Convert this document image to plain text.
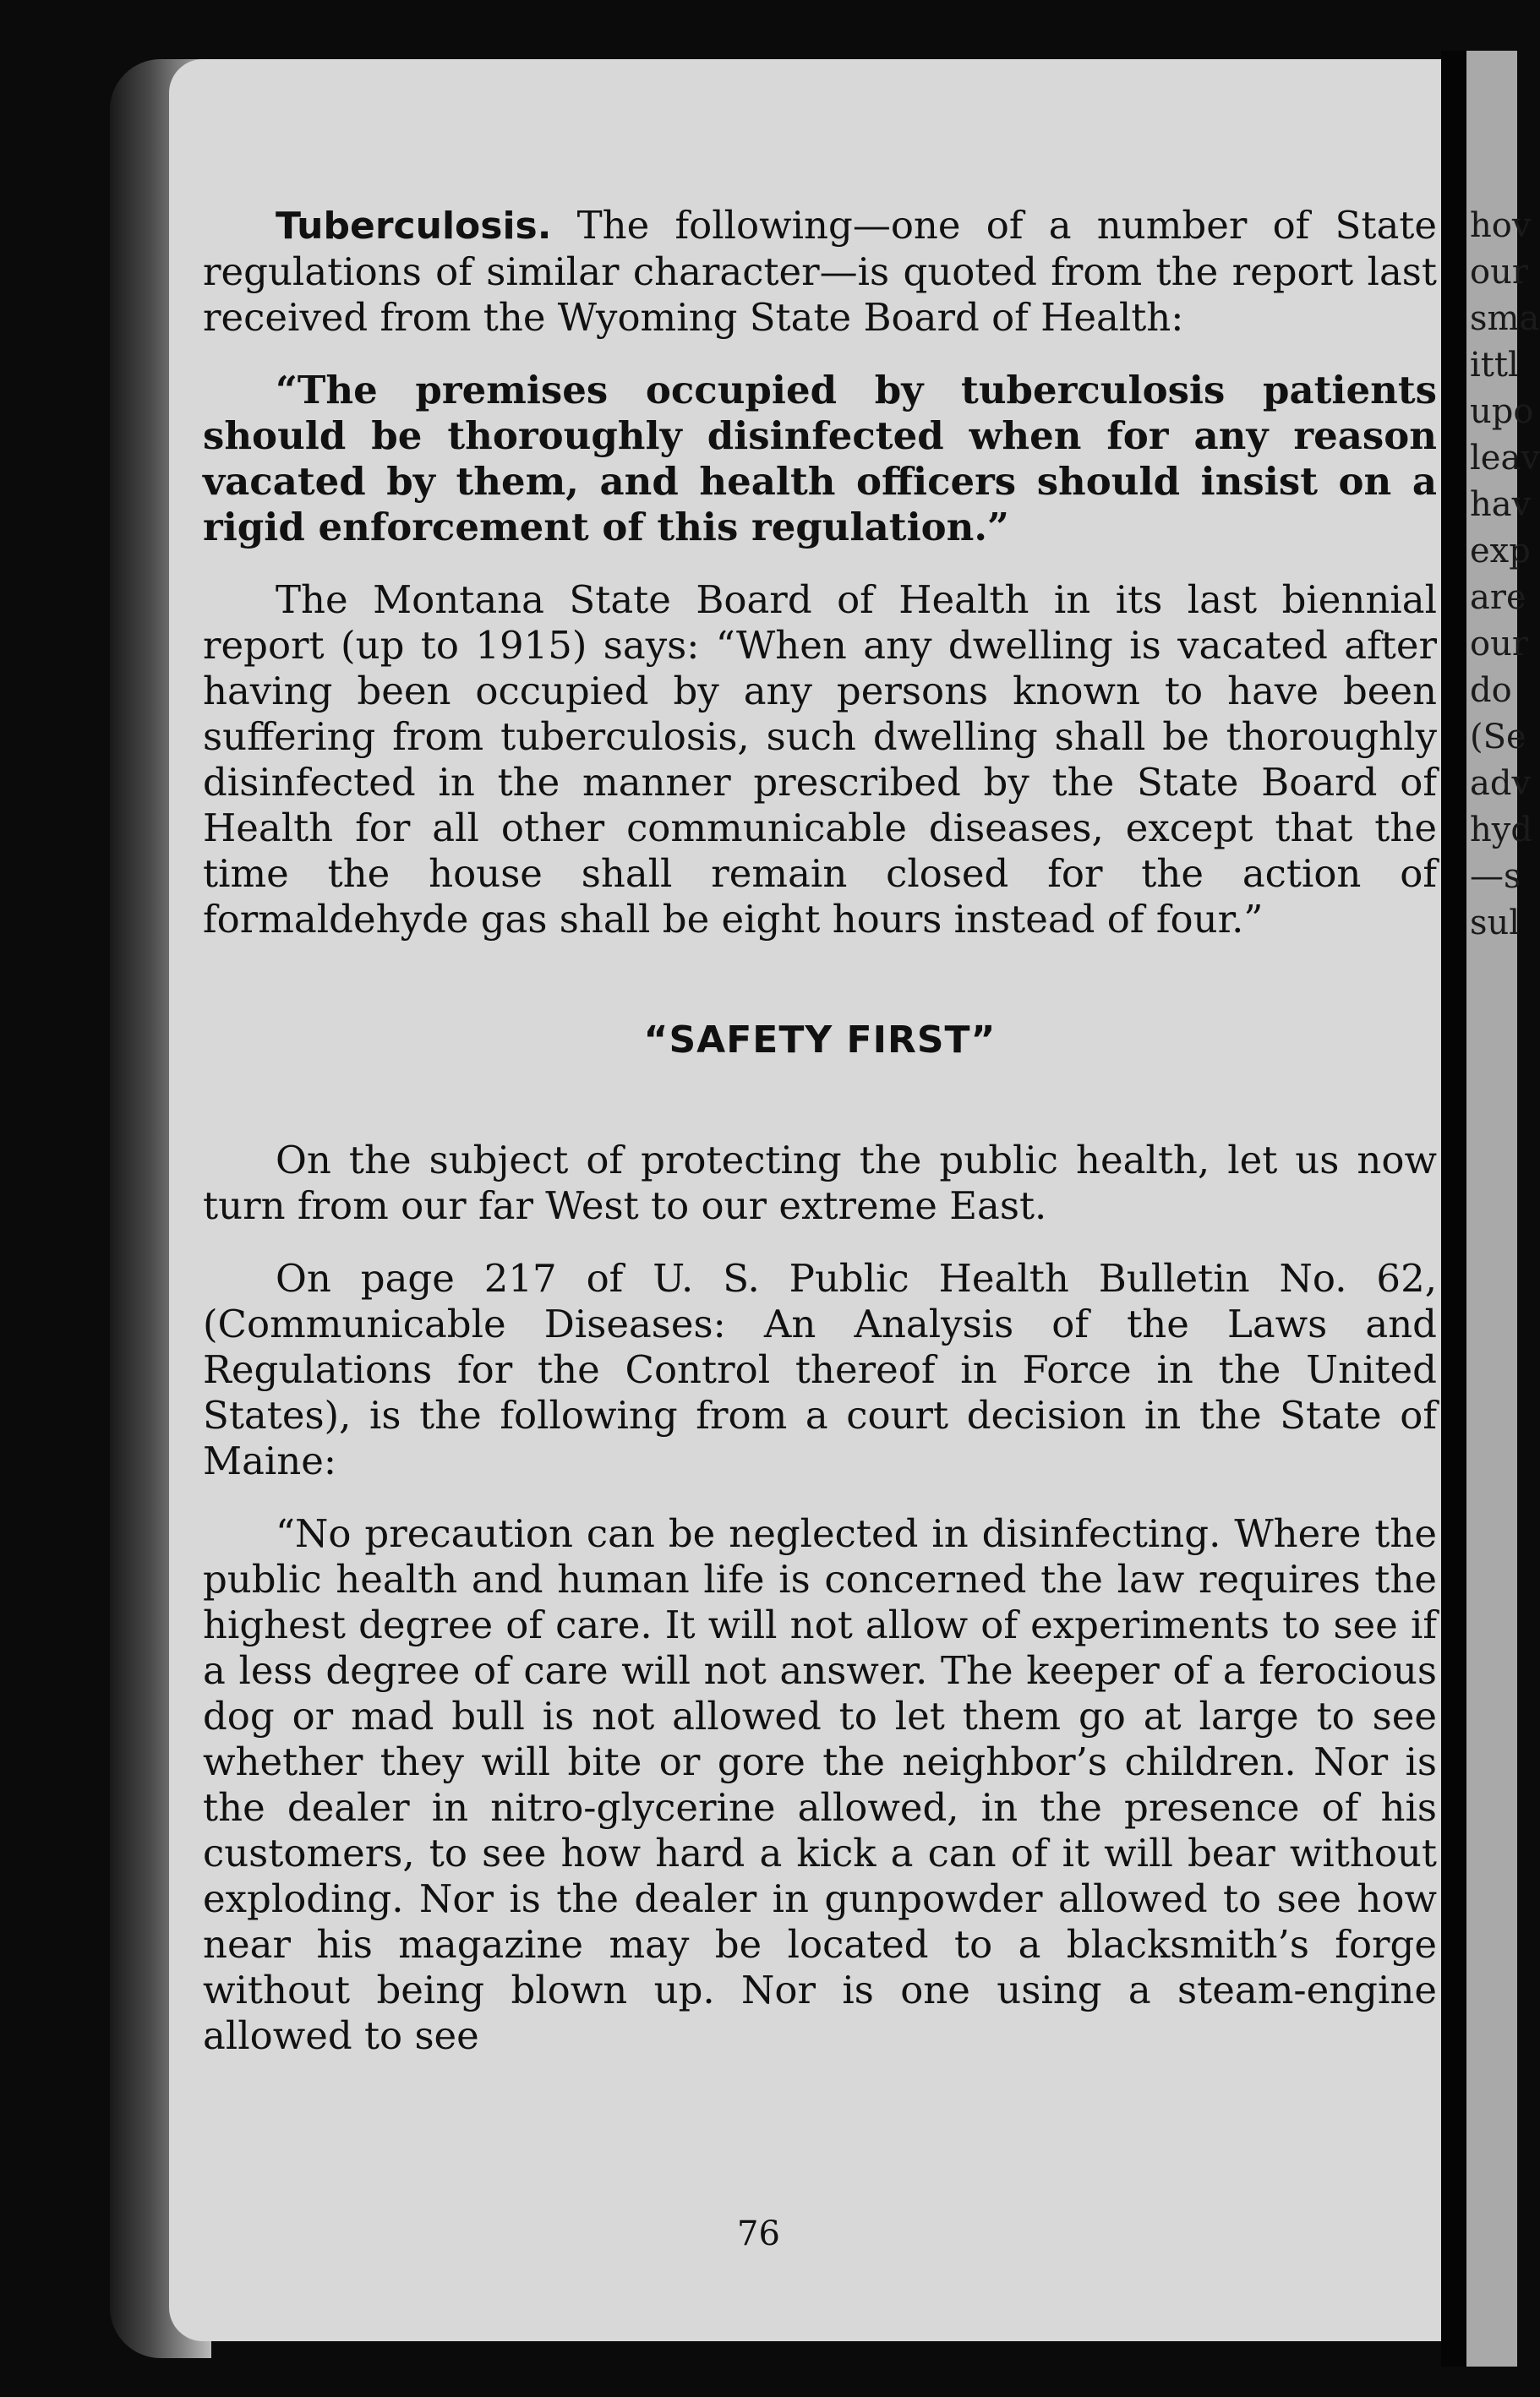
Tuberculosis. The following—one of a number of State regulations of similar character—is quoted from the report last received from the Wyoming State Board of Health:

“The premises occupied by tuberculosis patients should be thoroughly disinfected when for any reason vacated by them, and health officers should insist on a rigid enforcement of this regulation.”

The Montana State Board of Health in its last biennial report (up to 1915) says: “When any dwelling is vacated after having been occupied by any persons known to have been suffering from tuberculosis, such dwelling shall be thoroughly disinfected in the manner prescribed by the State Board of Health for all other communicable diseases, except that the time the house shall remain closed for the action of formaldehyde gas shall be eight hours instead of four.”

“SAFETY FIRST”

On the subject of protecting the public health, let us now turn from our far West to our extreme East.

On page 217 of U. S. Public Health Bulletin No. 62, (Communicable Diseases: An Analysis of the Laws and Regulations for the Control thereof in Force in the United States), is the following from a court decision in the State of Maine:

“No precaution can be neglected in disinfecting. Where the public health and human life is concerned the law requires the highest degree of care. It will not allow of experiments to see if a less degree of care will not answer. The keeper of a ferocious dog or mad bull is not allowed to let them go at large to see whether they will bite or gore the neighbor’s children. Nor is the dealer in nitro-glycerine allowed, in the presence of his customers, to see how hard a kick a can of it will bear without exploding. Nor is the dealer in gunpowder allowed to see how near his magazine may be located to a blacksmith’s forge without being blown up. Nor is one using a steam-engine allowed to see

76
hov
our
sma
ittl
upo
leav
hav
exp
are
our
do
(Se
adv
hyd
—s
sul
